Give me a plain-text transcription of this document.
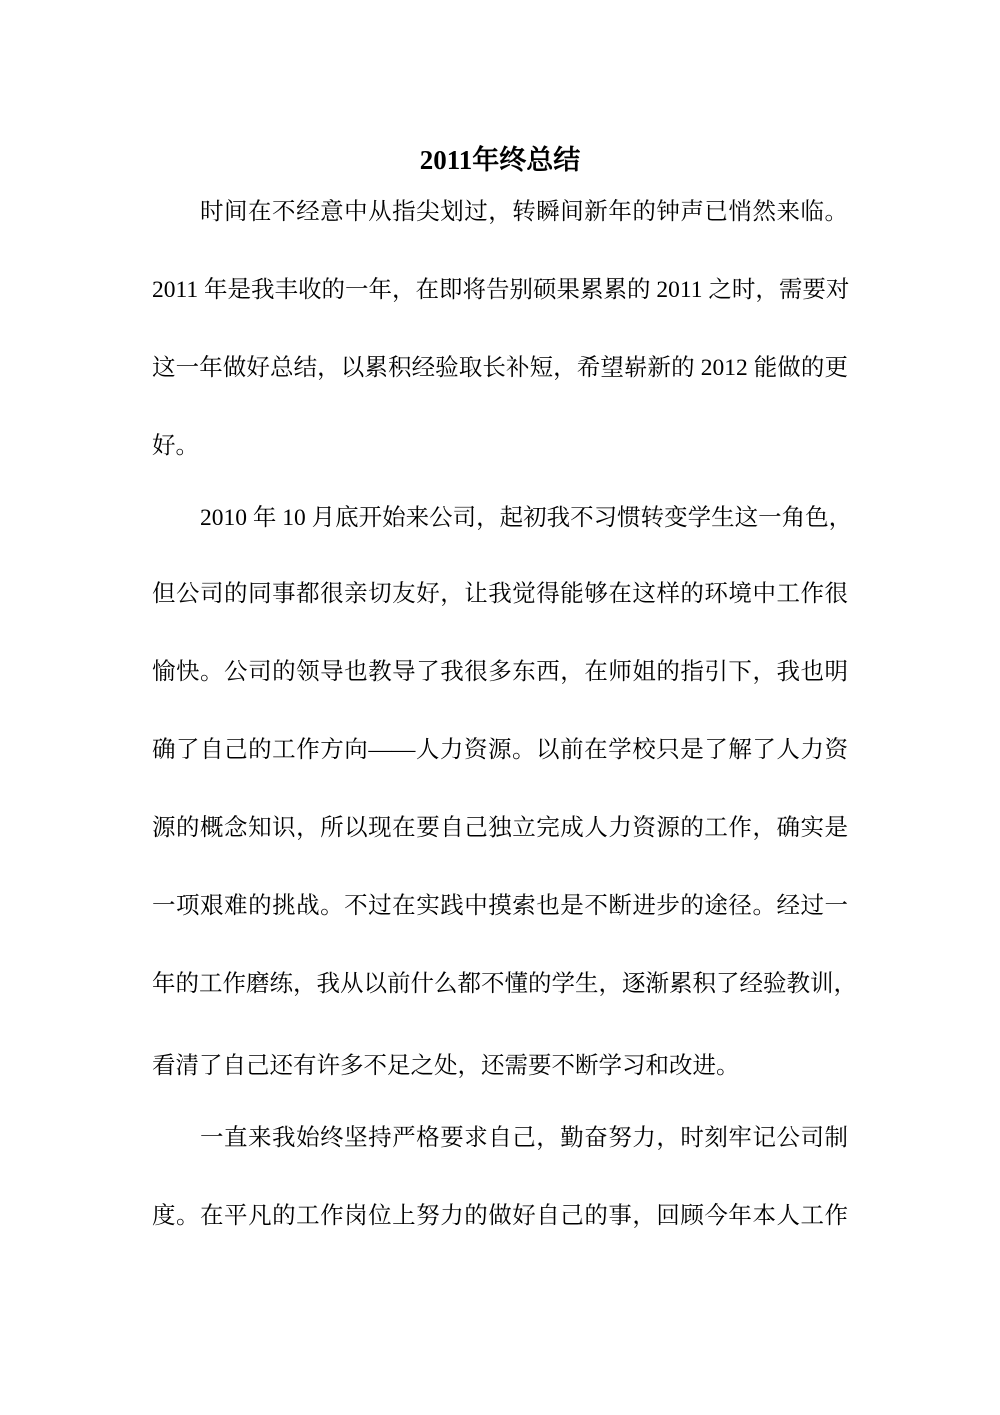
2011年终总结
时间在不经意中从指尖划过，转瞬间新年的钟声已悄然来临。
2011 年是我丰收的一年，在即将告别硕果累累的 2011 之时，需要对
这一年做好总结，以累积经验取长补短，希望崭新的 2012 能做的更
好。
2010 年 10 月底开始来公司，起初我不习惯转变学生这一角色，
但公司的同事都很亲切友好，让我觉得能够在这样的环境中工作很
愉快。公司的领导也教导了我很多东西，在师姐的指引下，我也明
确了自己的工作方向——人力资源。以前在学校只是了解了人力资
源的概念知识，所以现在要自己独立完成人力资源的工作，确实是
一项艰难的挑战。不过在实践中摸索也是不断进步的途径。经过一
年的工作磨练，我从以前什么都不懂的学生，逐渐累积了经验教训，
看清了自己还有许多不足之处，还需要不断学习和改进。
一直来我始终坚持严格要求自己，勤奋努力，时刻牢记公司制
度。在平凡的工作岗位上努力的做好自己的事，回顾今年本人工作
